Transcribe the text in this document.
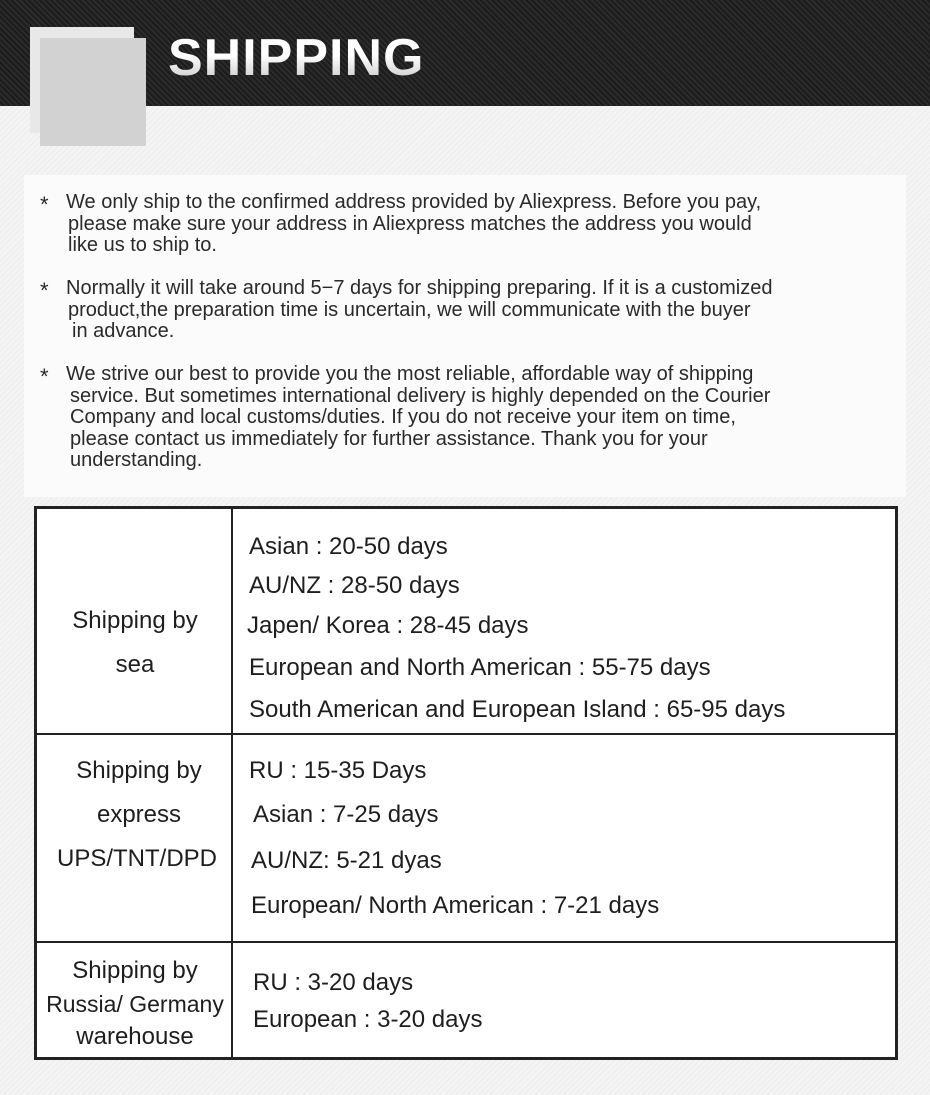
SHIPPING
* We only ship to the confirmed address provided by Aliexpress. Before you pay,
please make sure your address in Aliexpress matches the address you would
like us to ship to.
* Normally it will take around 5−7 days for shipping preparing. If it is a customized
product,the preparation time is uncertain, we will communicate with the buyer
in advance.
* We strive our best to provide you the most reliable, affordable way of shipping
service. But sometimes international delivery is highly depended on the Courier
Company and local customs/duties. If you do not receive your item on time,
please contact us immediately for further assistance. Thank you for your
understanding.
Shipping by
sea
Asian : 20-50 days
AU/NZ : 28-50 days
Japen/ Korea : 28-45 days
European and North American : 55-75 days
South American and European Island : 65-95 days
Shipping by
express
UPS/TNT/DPD
RU : 15-35 Days
Asian : 7-25 days
AU/NZ: 5-21 dyas
European/ North American : 7-21 days
Shipping by
Russia/ Germany
warehouse
RU : 3-20 days
European : 3-20 days
